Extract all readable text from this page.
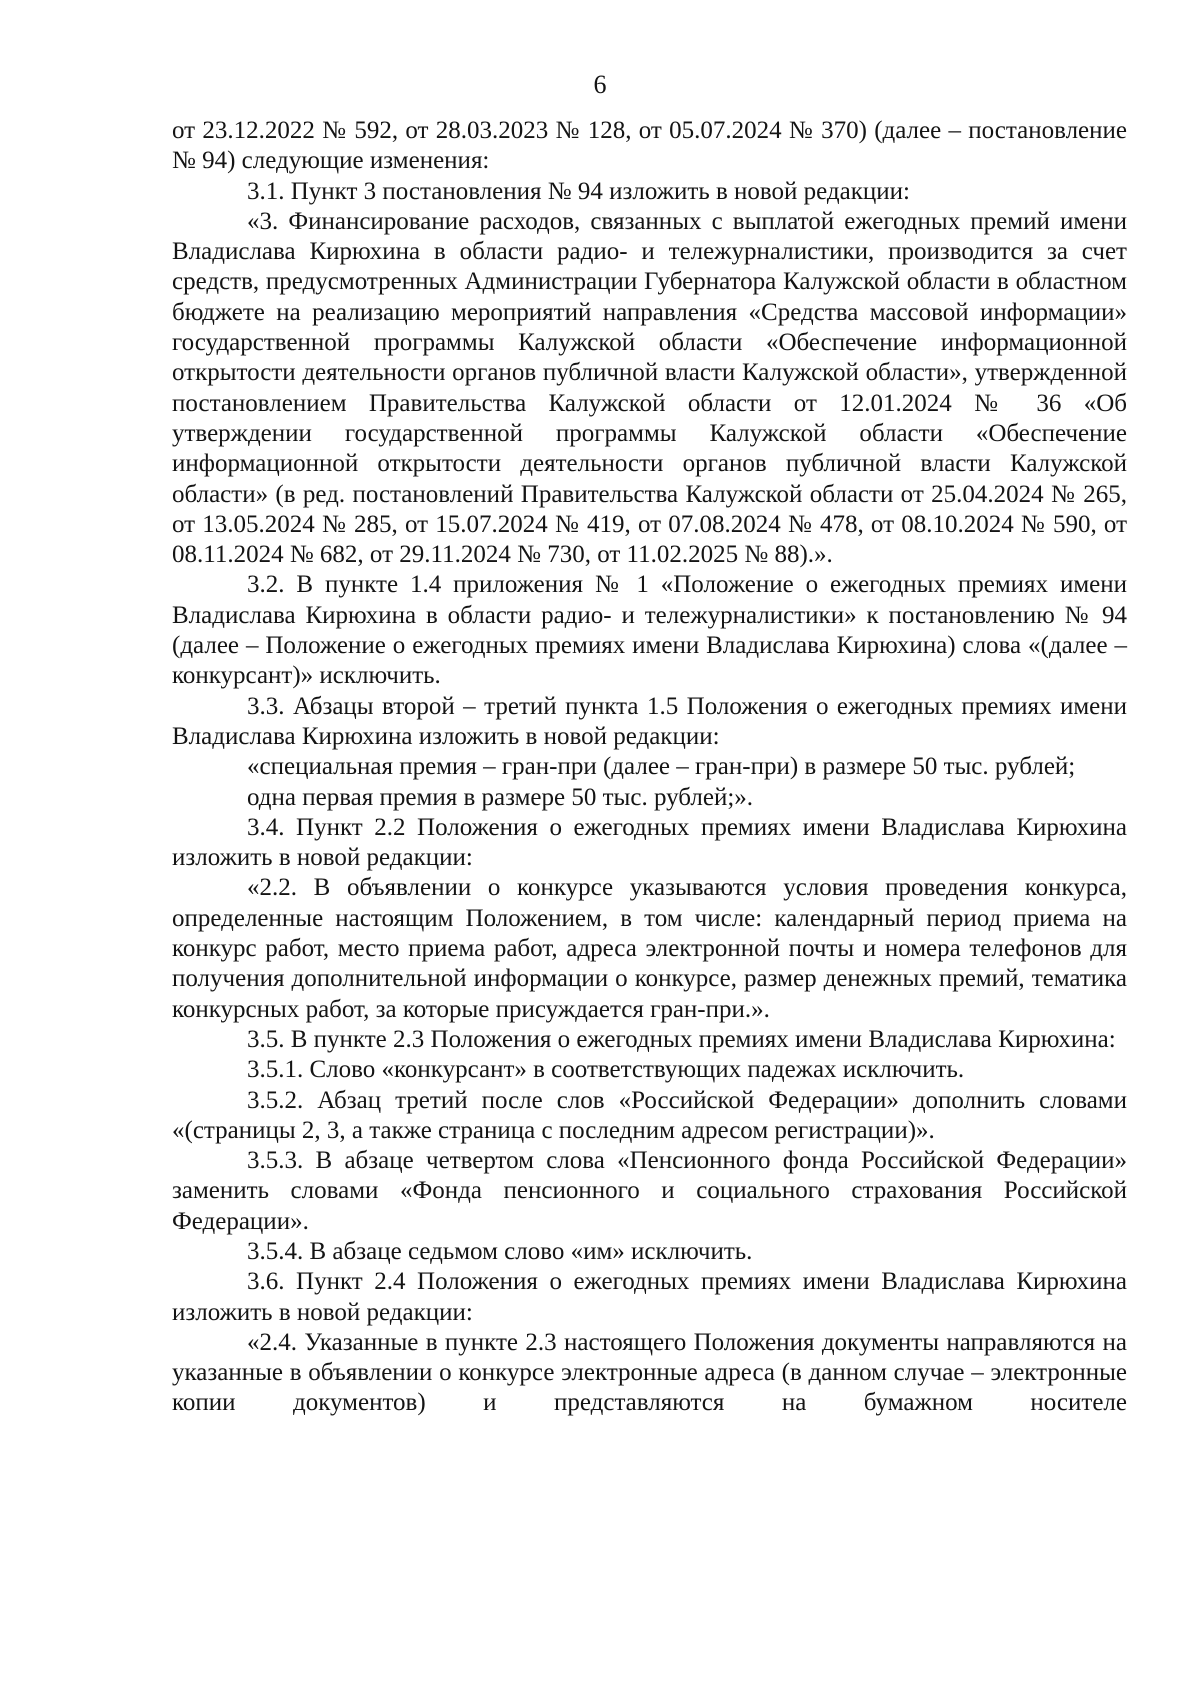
6

от 23.12.2022 № 592, от 28.03.2023 № 128, от 05.07.2024 № 370) (далее – постановление № 94) следующие изменения:

3.1. Пункт 3 постановления № 94 изложить в новой редакции:

«3. Финансирование расходов, связанных с выплатой ежегодных премий имени Владислава Кирюхина в области радио- и тележурналистики, производится за счет средств, предусмотренных Администрации Губернатора Калужской области в областном бюджете на реализацию мероприятий направления «Средства массовой информации» государственной программы Калужской области «Обеспечение информационной открытости деятельности органов публичной власти Калужской области», утвержденной постановлением Правительства Калужской области от 12.01.2024 № 36 «Об утверждении государственной программы Калужской области «Обеспечение информационной открытости деятельности органов публичной власти Калужской области» (в ред. постановлений Правительства Калужской области от 25.04.2024 № 265, от 13.05.2024 № 285, от 15.07.2024 № 419, от 07.08.2024 № 478, от 08.10.2024 № 590, от 08.11.2024 № 682, от 29.11.2024 № 730, от 11.02.2025 № 88).».

3.2. В пункте 1.4 приложения № 1 «Положение о ежегодных премиях имени Владислава Кирюхина в области радио- и тележурналистики» к постановлению № 94 (далее – Положение о ежегодных премиях имени Владислава Кирюхина) слова «(далее – конкурсант)» исключить.

3.3. Абзацы второй – третий пункта 1.5 Положения о ежегодных премиях имени Владислава Кирюхина изложить в новой редакции:

«специальная премия – гран-при (далее – гран-при) в размере 50 тыс. рублей;

одна первая премия в размере 50 тыс. рублей;».

3.4. Пункт 2.2 Положения о ежегодных премиях имени Владислава Кирюхина изложить в новой редакции:

«2.2. В объявлении о конкурсе указываются условия проведения конкурса, определенные настоящим Положением, в том числе: календарный период приема на конкурс работ, место приема работ, адреса электронной почты и номера телефонов для получения дополнительной информации о конкурсе, размер денежных премий, тематика конкурсных работ, за которые присуждается гран-при.».

3.5. В пункте 2.3 Положения о ежегодных премиях имени Владислава Кирюхина:

3.5.1. Слово «конкурсант» в соответствующих падежах исключить.

3.5.2. Абзац третий после слов «Российской Федерации» дополнить словами «(страницы 2, 3, а также страница с последним адресом регистрации)».

3.5.3. В абзаце четвертом слова «Пенсионного фонда Российской Федерации» заменить словами «Фонда пенсионного и социального страхования Российской Федерации».

3.5.4. В абзаце седьмом слово «им» исключить.

3.6. Пункт 2.4 Положения о ежегодных премиях имени Владислава Кирюхина изложить в новой редакции:

«2.4. Указанные в пункте 2.3 настоящего Положения документы направляются на указанные в объявлении о конкурсе электронные адреса (в данном случае – электронные копии документов) и представляются на бумажном носителе
